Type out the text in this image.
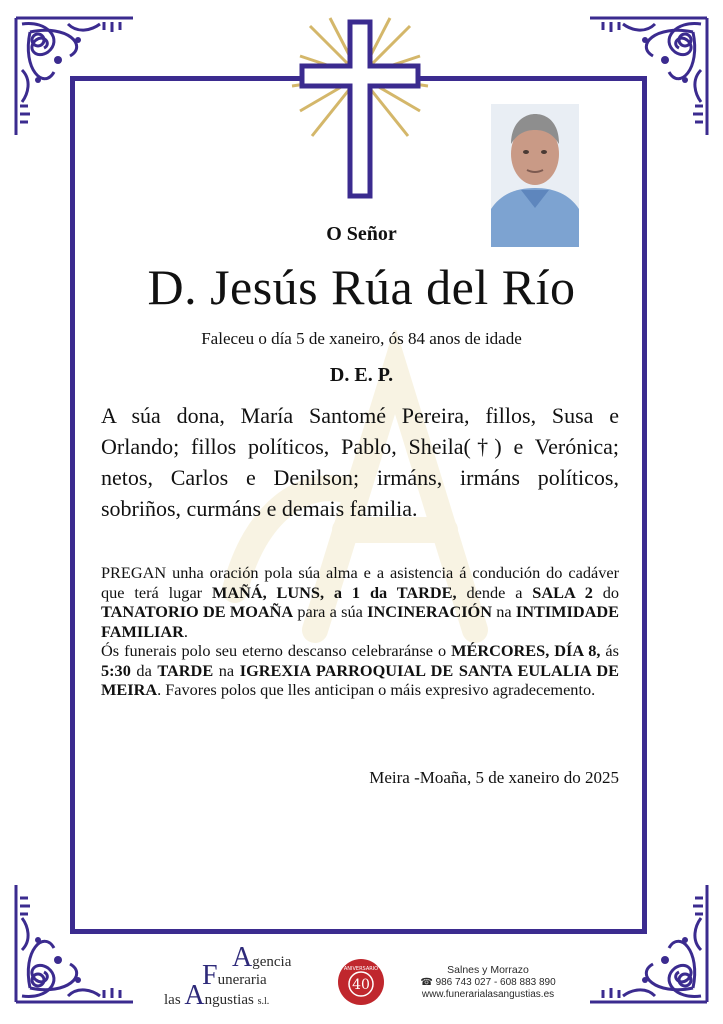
O Señor
D. Jesús Rúa del Río
Faleceu o día 5 de xaneiro, ós 84 anos de idade
D. E. P.
A súa dona, María Santomé Pereira, fillos, Susa e
Orlando; fillos políticos, Pablo, Sheila(†) e Verónica;
netos, Carlos e Denilson; irmáns, irmáns políticos,
sobriños, curmáns e demais familia.
PREGAN unha oración pola súa alma e a asistencia á condución do cadáver que terá lugar MAÑÁ, LUNS, a 1 da TARDE, dende a SALA 2 do TANATORIO DE MOAÑA para a súa INCINERACIÓN na INTIMIDADE FAMILIAR.
Ós funerais polo seu eterno descanso celebraránse o MÉRCORES, DÍA 8, ás 5:30 da TARDE na IGREXIA PARROQUIAL DE SANTA EULALIA DE MEIRA. Favores polos que lles anticipan o máis expresivo agradecemento.
Meira -Moaña, 5 de xaneiro do 2025
Agencia
Funeraria
las Angustias s.l.
ANIVERSARIO
40
Salnes y Morrazo
☎ 986 743 027 - 608 883 890
www.funerarialasangustias.es
